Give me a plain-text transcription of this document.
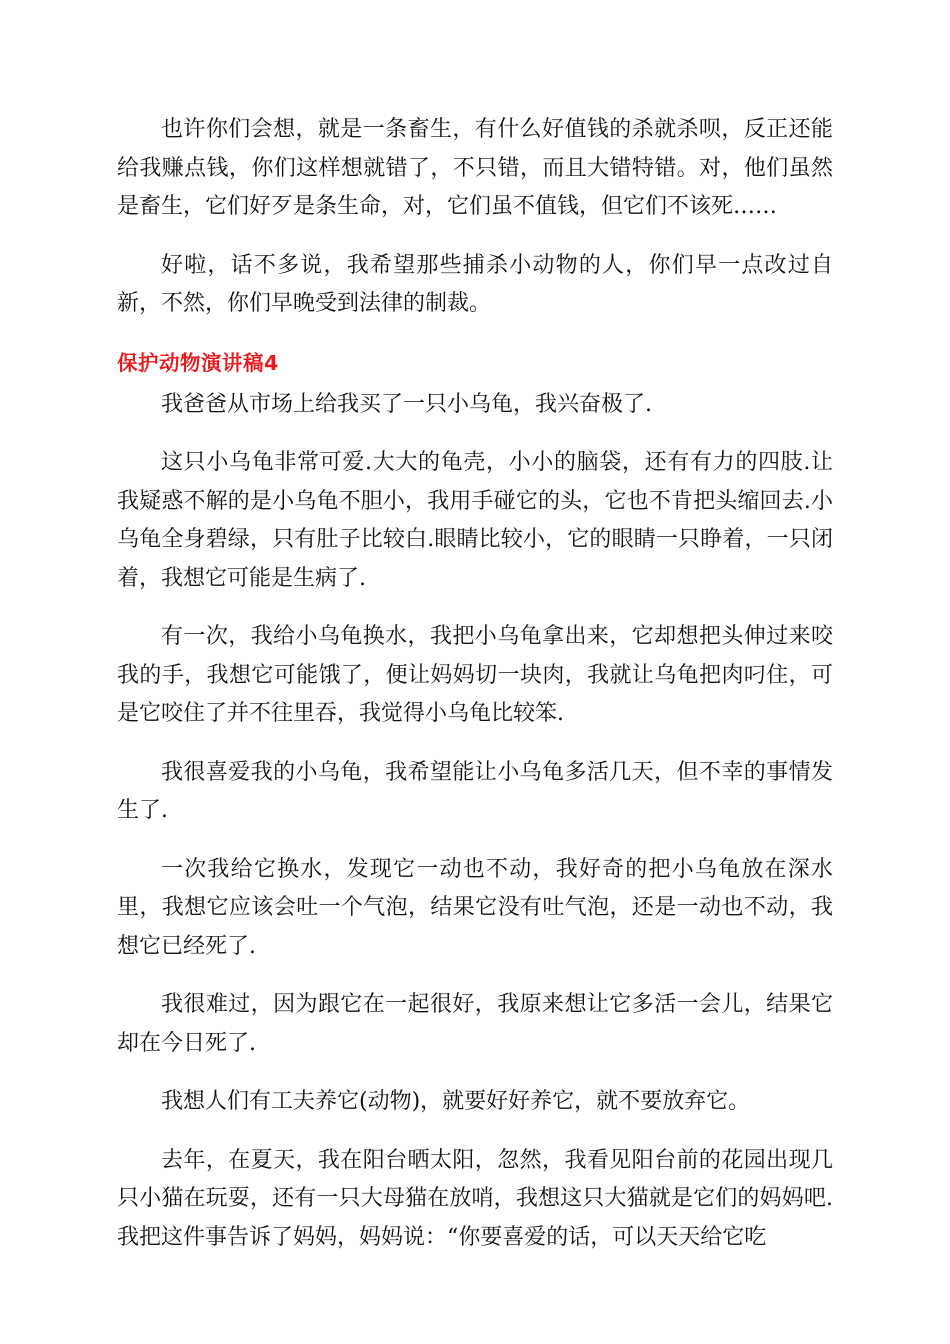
也许你们会想，就是一条畜生，有什么好值钱的杀就杀呗，反正还能给我赚点钱，你们这样想就错了，不只错，而且大错特错。对，他们虽然是畜生，它们好歹是条生命，对，它们虽不值钱，但它们不该死……

好啦，话不多说，我希望那些捕杀小动物的人，你们早一点改过自新，不然，你们早晚受到法律的制裁。

保护动物演讲稿4

我爸爸从市场上给我买了一只小乌龟，我兴奋极了.

这只小乌龟非常可爱.大大的龟壳，小小的脑袋，还有有力的四肢.让我疑惑不解的是小乌龟不胆小，我用手碰它的头，它也不肯把头缩回去.小乌龟全身碧绿，只有肚子比较白.眼睛比较小，它的眼睛一只睁着，一只闭着，我想它可能是生病了.

有一次，我给小乌龟换水，我把小乌龟拿出来，它却想把头伸过来咬我的手，我想它可能饿了，便让妈妈切一块肉，我就让乌龟把肉叼住，可是它咬住了并不往里吞，我觉得小乌龟比较笨.

我很喜爱我的小乌龟，我希望能让小乌龟多活几天，但不幸的事情发生了.

一次我给它换水，发现它一动也不动，我好奇的把小乌龟放在深水里，我想它应该会吐一个气泡，结果它没有吐气泡，还是一动也不动，我想它已经死了.

我很难过，因为跟它在一起很好，我原来想让它多活一会儿，结果它却在今日死了.

我想人们有工夫养它(动物)，就要好好养它，就不要放弃它。

去年，在夏天，我在阳台晒太阳，忽然，我看见阳台前的花园出现几只小猫在玩耍，还有一只大母猫在放哨，我想这只大猫就是它们的妈妈吧.我把这件事告诉了妈妈，妈妈说：“你要喜爱的话，可以天天给它吃
